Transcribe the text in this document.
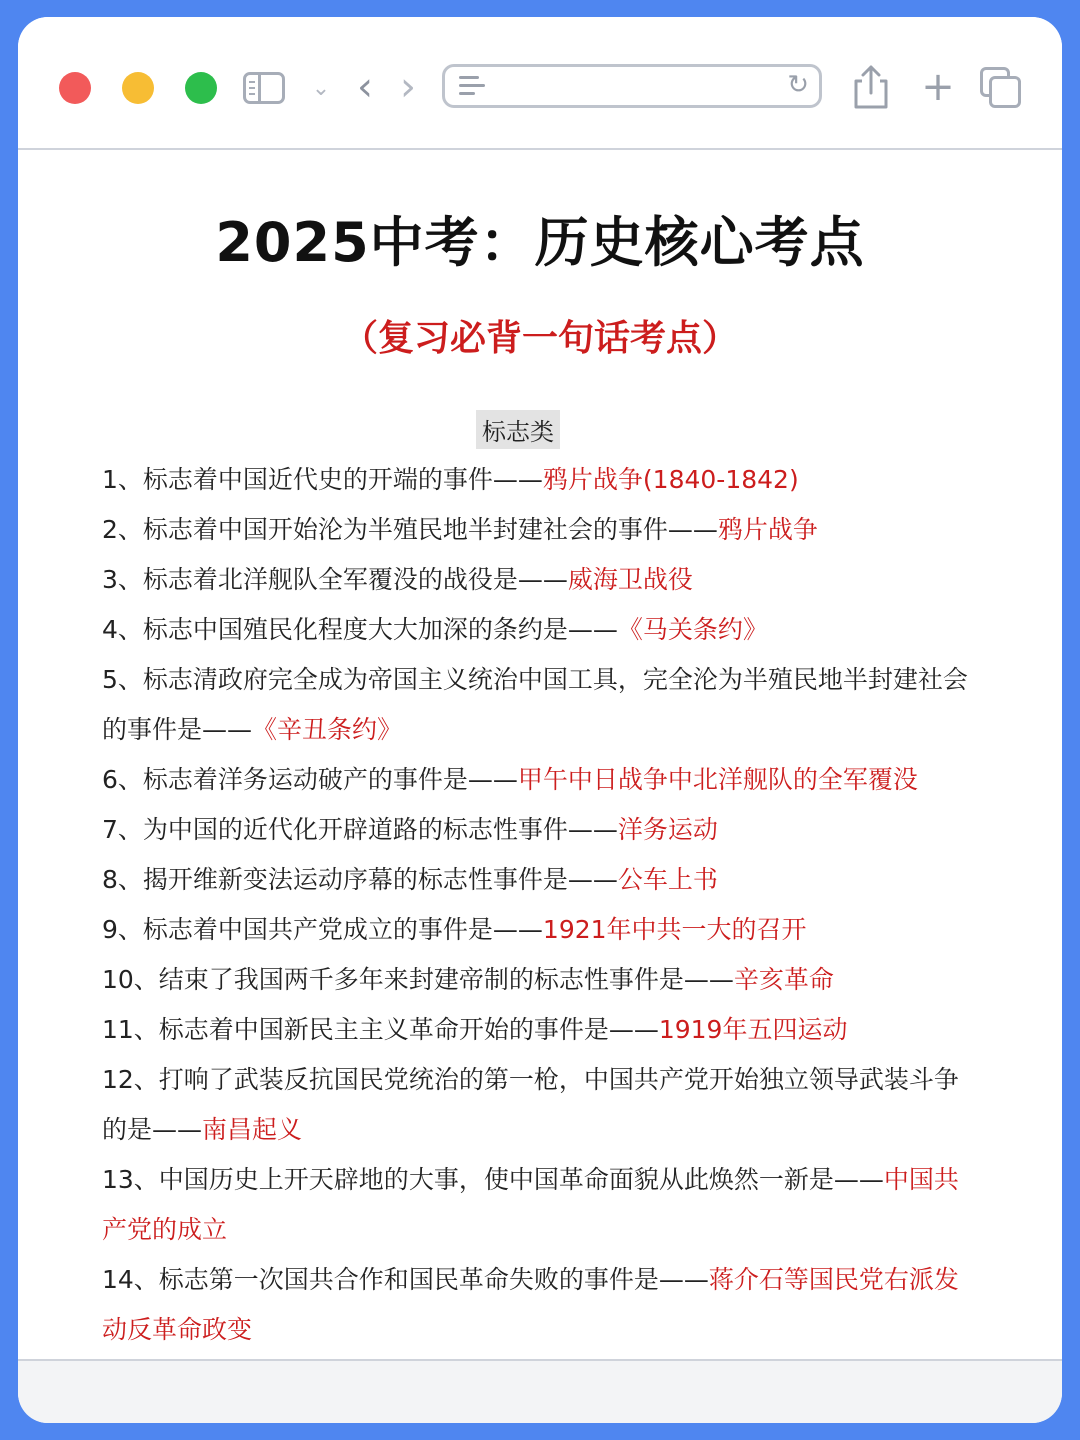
⌄ ‹ ›	↻	+
2025中考：历史核心考点
（复习必背一句话考点）
标志类
1、标志着中国近代史的开端的事件——鸦片战争(1840-1842)
2、标志着中国开始沦为半殖民地半封建社会的事件——鸦片战争
3、标志着北洋舰队全军覆没的战役是——威海卫战役
4、标志中国殖民化程度大大加深的条约是——《马关条约》
5、标志清政府完全成为帝国主义统治中国工具，完全沦为半殖民地半封建社会的事件是——《辛丑条约》
6、标志着洋务运动破产的事件是——甲午中日战争中北洋舰队的全军覆没
7、为中国的近代化开辟道路的标志性事件——洋务运动
8、揭开维新变法运动序幕的标志性事件是——公车上书
9、标志着中国共产党成立的事件是——1921年中共一大的召开
10、结束了我国两千多年来封建帝制的标志性事件是——辛亥革命
11、标志着中国新民主主义革命开始的事件是——1919年五四运动
12、打响了武装反抗国民党统治的第一枪，中国共产党开始独立领导武装斗争的是——南昌起义
13、中国历史上开天辟地的大事，使中国革命面貌从此焕然一新是——中国共产党的成立
14、标志第一次国共合作和国民革命失败的事件是——蒋介石等国民党右派发动反革命政变
